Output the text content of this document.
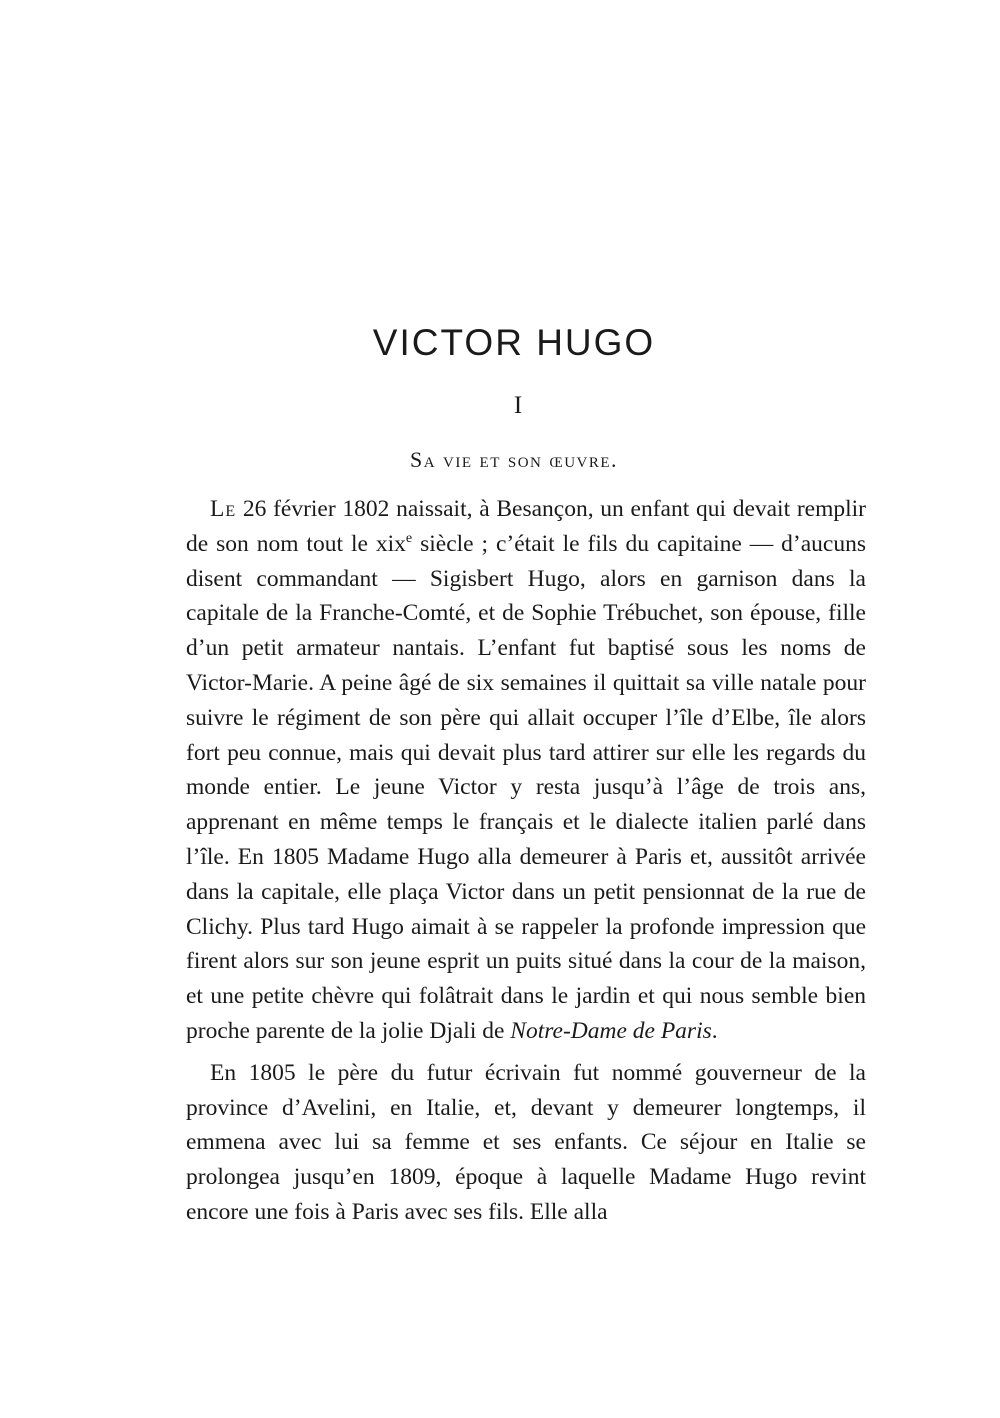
VICTOR HUGO
I
Sa vie et son œuvre.

Le 26 février 1802 naissait, à Besançon, un enfant qui devait remplir de son nom tout le xix$^e$ siècle ; c’était le fils du capitaine — d’aucuns disent commandant — Sigisbert Hugo, alors en garnison dans la capitale de la Franche-Comté, et de Sophie Trébuchet, son épouse, fille d’un petit armateur nantais. L’enfant fut baptisé sous les noms de Victor-Marie. A peine âgé de six semaines il quittait sa ville natale pour suivre le régiment de son père qui allait occuper l’île d’Elbe, île alors fort peu connue, mais qui devait plus tard attirer sur elle les regards du monde entier. Le jeune Victor y resta jusqu’à l’âge de trois ans, apprenant en même temps le français et le dialecte italien parlé dans l’île. En 1805 Madame Hugo alla demeurer à Paris et, aussitôt arrivée dans la capitale, elle plaça Victor dans un petit pensionnat de la rue de Clichy. Plus tard Hugo aimait à se rappeler la profonde impression que firent alors sur son jeune esprit un puits situé dans la cour de la maison, et une petite chèvre qui folâtrait dans le jardin et qui nous semble bien proche parente de la jolie Djali de Notre-Dame de Paris.

En 1805 le père du futur écrivain fut nommé gouverneur de la province d’Avelini, en Italie, et, devant y demeurer longtemps, il emmena avec lui sa femme et ses enfants. Ce séjour en Italie se prolongea jusqu’en 1809, époque à laquelle Madame Hugo revint encore une fois à Paris avec ses fils. Elle alla
